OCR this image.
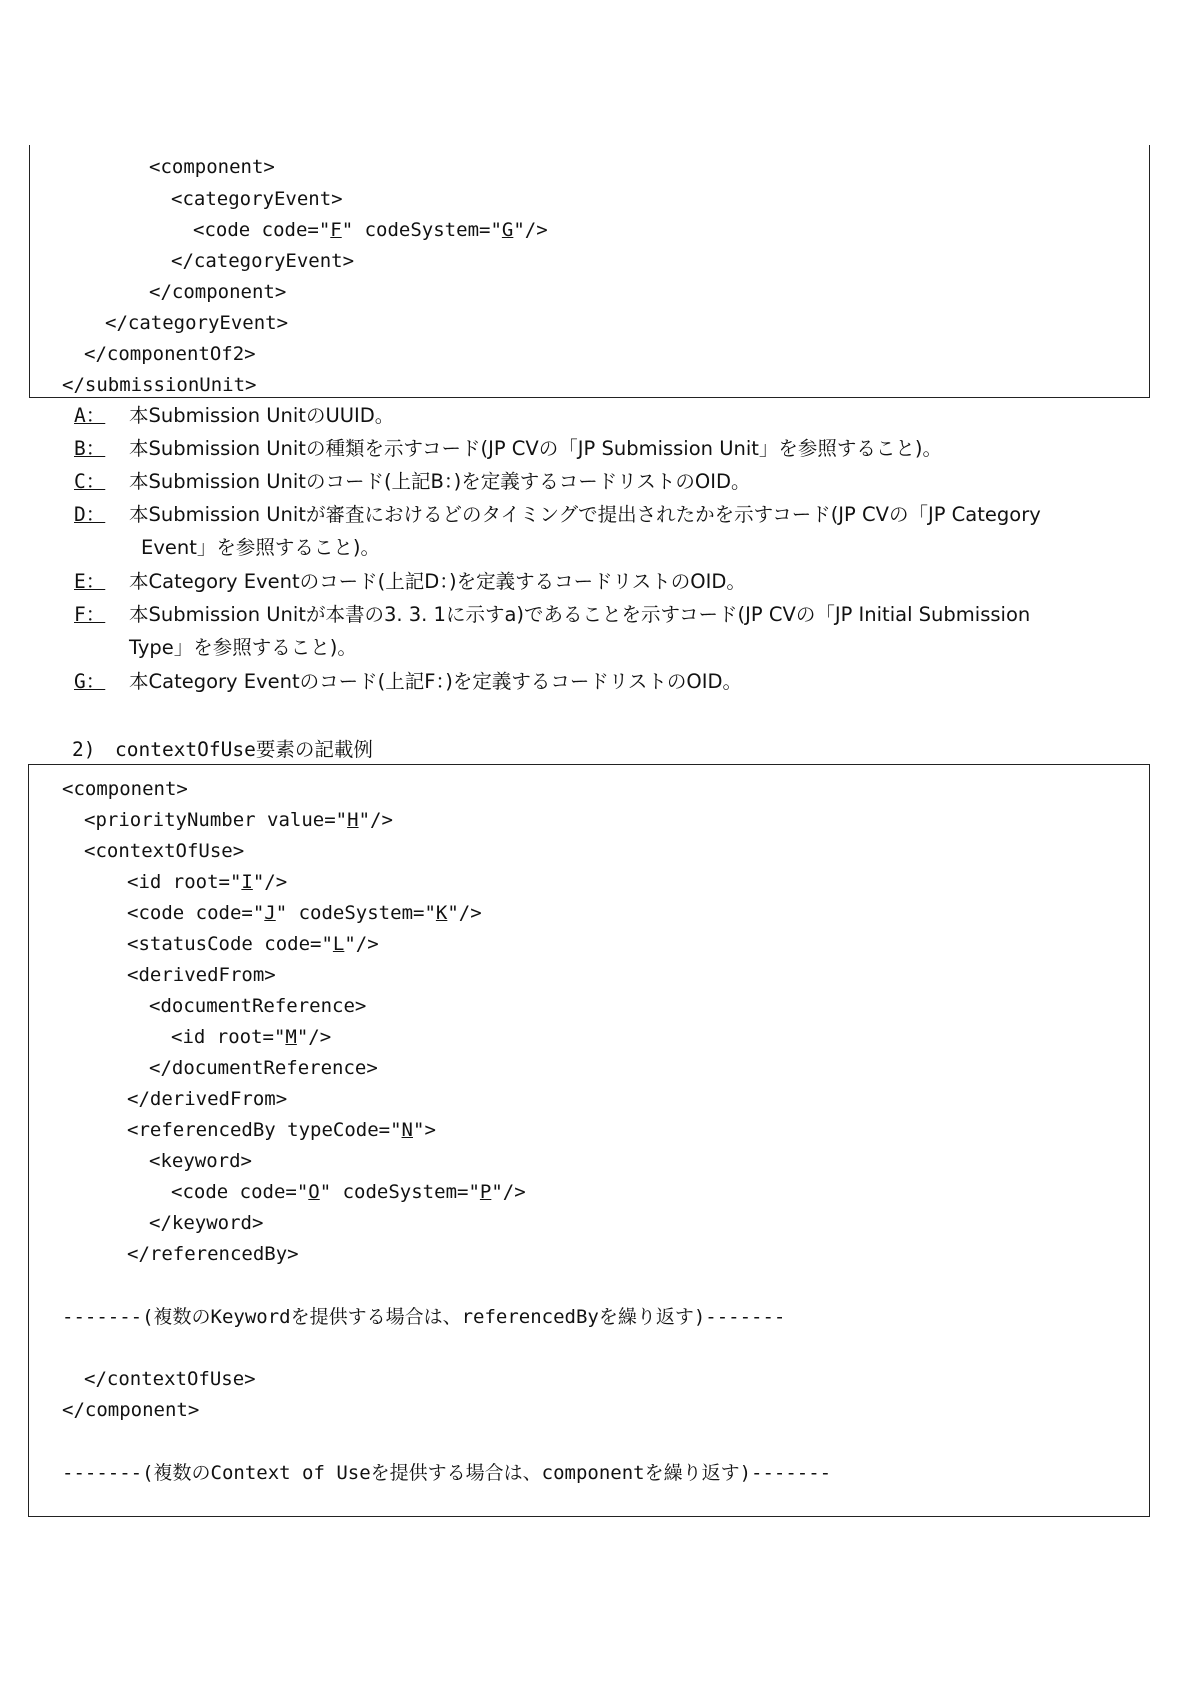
<component>
<categoryEvent>
<code code="F" codeSystem="G"/>
</categoryEvent>
</component>
</categoryEvent>
</componentOf2>
</submissionUnit>
A： 本Submission UnitのUUID。
B： 本Submission Unitの種類を示すコード(JP CVの「JP Submission Unit」を参照すること)。
C： 本Submission Unitのコード(上記B：)を定義するコードリストのOID。
D： 本Submission Unitが審査におけるどのタイミングで提出されたかを示すコード(JP CVの「JP Category
Event」を参照すること)。
E： 本Category Eventのコード(上記D：)を定義するコードリストのOID。
F： 本Submission Unitが本書の3. 3. 1に示すa)であることを示すコード(JP CVの「JP Initial Submission
Type」を参照すること)。
G： 本Category Eventのコード(上記F：)を定義するコードリストのOID。
2)　contextOfUse要素の記載例
<component>
<priorityNumber value="H"/>
<contextOfUse>
<id root="I"/>
<code code="J" codeSystem="K"/>
<statusCode code="L"/>
<derivedFrom>
<documentReference>
<id root="M"/>
</documentReference>
</derivedFrom>
<referencedBy typeCode="N">
<keyword>
<code code="O" codeSystem="P"/>
</keyword>
</referencedBy>
-------(複数のKeywordを提供する場合は、referencedByを繰り返す)-------
</contextOfUse>
</component>
-------(複数のContext of Useを提供する場合は、componentを繰り返す)-------
